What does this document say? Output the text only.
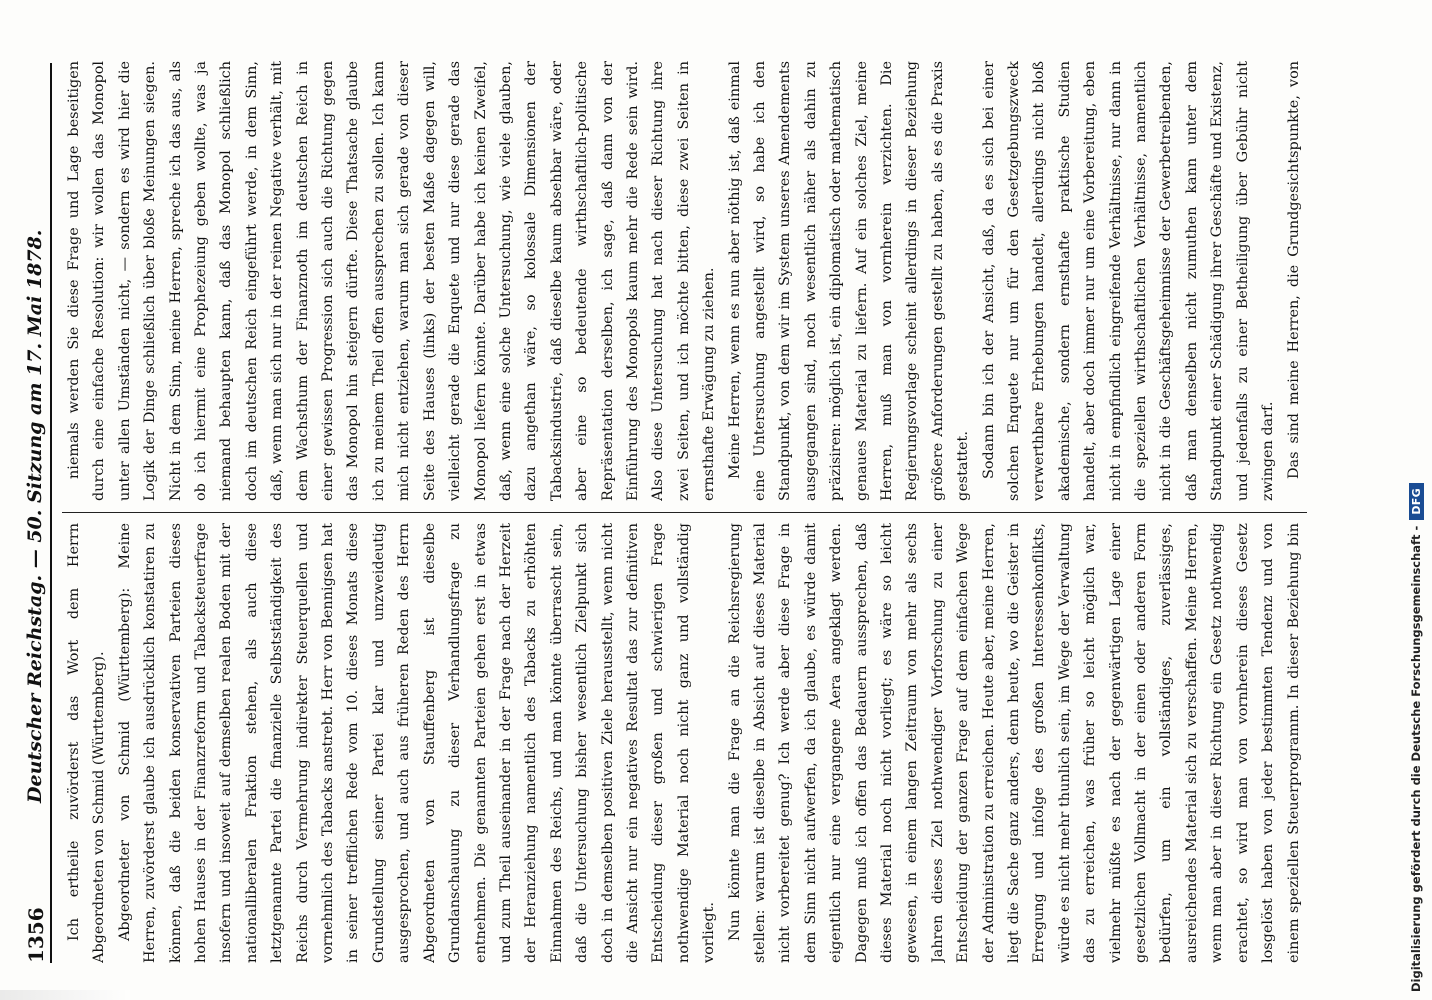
1356
Deutscher Reichstag. — 50. Sitzung am 17. Mai 1878. Ich ertheile zuvörderst das Wort dem Herrn Abgeordneten von Schmid (Württemberg). Abgeordneter von Schmid (Württemberg): Meine Herren, zuvörderst glaube ich ausdrücklich konstatiren zu können, daß die beiden konservativen Parteien dieses hohen Hauses in der Finanzreform und Tabacksteuerfrage insofern und insoweit auf demselben realen Boden mit der nationalliberalen Fraktion stehen, als auch diese letztgenannte Partei die finanzielle Selbstständigkeit des Reichs durch Vermehrung indirekter Steuerquellen und vornehmlich des Tabacks anstrebt. Herr von Bennigsen hat in seiner trefflichen Rede vom 10. dieses Monats diese Grundstellung seiner Partei klar und unzweideutig ausgesprochen, und auch aus früheren Reden des Herrn Abgeordneten von Stauffenberg ist dieselbe Grundanschauung zu dieser Verhandlungsfrage zu entnehmen. Die genannten Parteien gehen erst in etwas und zum Theil auseinander in der Frage nach der Herzeit der Heranziehung namentlich des Tabacks zu erhöhten Einnahmen des Reichs, und man könnte überrascht sein, daß die Untersuchung bisher wesentlich Zielpunkt sich doch in demselben positiven Ziele herausstellt, wenn nicht die Ansicht nur ein negatives Resultat das zur definitiven Entscheidung dieser großen und schwierigen Frage nothwendige Material noch nicht ganz und vollständig vorliegt. Nun könnte man die Frage an die Reichsregierung stellen: warum ist dieselbe in Absicht auf dieses Material nicht vorbereitet genug? Ich werde aber diese Frage in dem Sinn nicht aufwerfen, da ich glaube, es würde damit eigentlich nur eine vergangene Aera angeklagt werden. Dagegen muß ich offen das Bedauern aussprechen, daß dieses Material noch nicht vorliegt; es wäre so leicht gewesen, in einem langen Zeitraum von mehr als sechs Jahren dieses Ziel nothwendiger Vorforschung zu einer Entscheidung der ganzen Frage auf dem einfachen Wege der Administration zu erreichen. Heute aber, meine Herren, liegt die Sache ganz anders, denn heute, wo die Geister in Erregung und infolge des großen Interessenkonflikts, würde es nicht mehr thunlich sein, im Wege der Verwaltung das zu erreichen, was früher so leicht möglich war, vielmehr müßte es nach der gegenwärtigen Lage einer gesetzlichen Vollmacht in der einen oder anderen Form bedürfen, um ein vollständiges, zuverlässiges, ausreichendes Material sich zu verschaffen. Meine Herren, wenn man aber in dieser Richtung ein Gesetz nothwendig erachtet, so wird man von vornherein dieses Gesetz losgelöst haben von jeder bestimmten Tendenz und von einem speziellen Steuerprogramm. In dieser Beziehung bin

niemals werden Sie diese Frage und Lage beseitigen durch eine einfache Resolution: wir wollen das Monopol unter allen Umständen nicht, — sondern es wird hier die Logik der Dinge schließlich über bloße Meinungen siegen. Nicht in dem Sinn, meine Herren, spreche ich das aus, als ob ich hiermit eine Prophezeiung geben wollte, was ja niemand behaupten kann, daß das Monopol schließlich doch im deutschen Reich eingeführt werde, in dem Sinn, daß, wenn man sich nur in der reinen Negative verhält, mit dem Wachsthum der Finanznoth im deutschen Reich in einer gewissen Progression sich auch die Richtung gegen das Monopol hin steigern dürfte. Diese Thatsache glaube ich zu meinem Theil offen aussprechen zu sollen. Ich kann mich nicht entziehen, warum man sich gerade von dieser Seite des Hauses (links) der besten Maße dagegen will, vielleicht gerade die Enquete und nur diese gerade das Monopol liefern könnte. Darüber habe ich keinen Zweifel, daß, wenn eine solche Untersuchung, wie viele glauben, dazu angethan wäre, so kolossale Dimensionen der Tabacksindustrie, daß dieselbe kaum absehbar wäre, oder aber eine so bedeutende wirthschaftlich-politische Repräsentation derselben, ich sage, daß dann von der Einführung des Monopols kaum mehr die Rede sein wird. Also diese Untersuchung hat nach dieser Richtung ihre zwei Seiten, und ich möchte bitten, diese zwei Seiten in ernsthafte Erwägung zu ziehen. Meine Herren, wenn es nun aber nöthig ist, daß einmal eine Untersuchung angestellt wird, so habe ich den Standpunkt, von dem wir im System unseres Amendements ausgegangen sind, noch wesentlich näher als dahin zu präzisiren: möglich ist, ein diplomatisch oder mathematisch genaues Material zu liefern. Auf ein solches Ziel, meine Herren, muß man von vornherein verzichten. Die Regierungsvorlage scheint allerdings in dieser Beziehung größere Anforderungen gestellt zu haben, als es die Praxis gestattet. Sodann bin ich der Ansicht, daß, da es sich bei einer solchen Enquete nur um für den Gesetzgebungszweck verwerthbare Erhebungen handelt, allerdings nicht bloß akademische, sondern ernsthafte praktische Studien handelt, aber doch immer nur um eine Vorbereitung, eben nicht in empfindlich eingreifende Verhältnisse, nur dann in die speziellen wirthschaftlichen Verhältnisse, namentlich nicht in die Geschäftsgeheimnisse der Gewerbetreibenden, daß man denselben nicht zumuthen kann unter dem Standpunkt einer Schädigung ihrer Geschäfte und Existenz, und jedenfalls zu einer Betheiligung über Gebühr nicht zwingen darf. Das sind meine Herren, die Grundgesichtspunkte, von

Digitalisierung gefördert durch die Deutsche Forschungsgemeinschaft -
DFG
